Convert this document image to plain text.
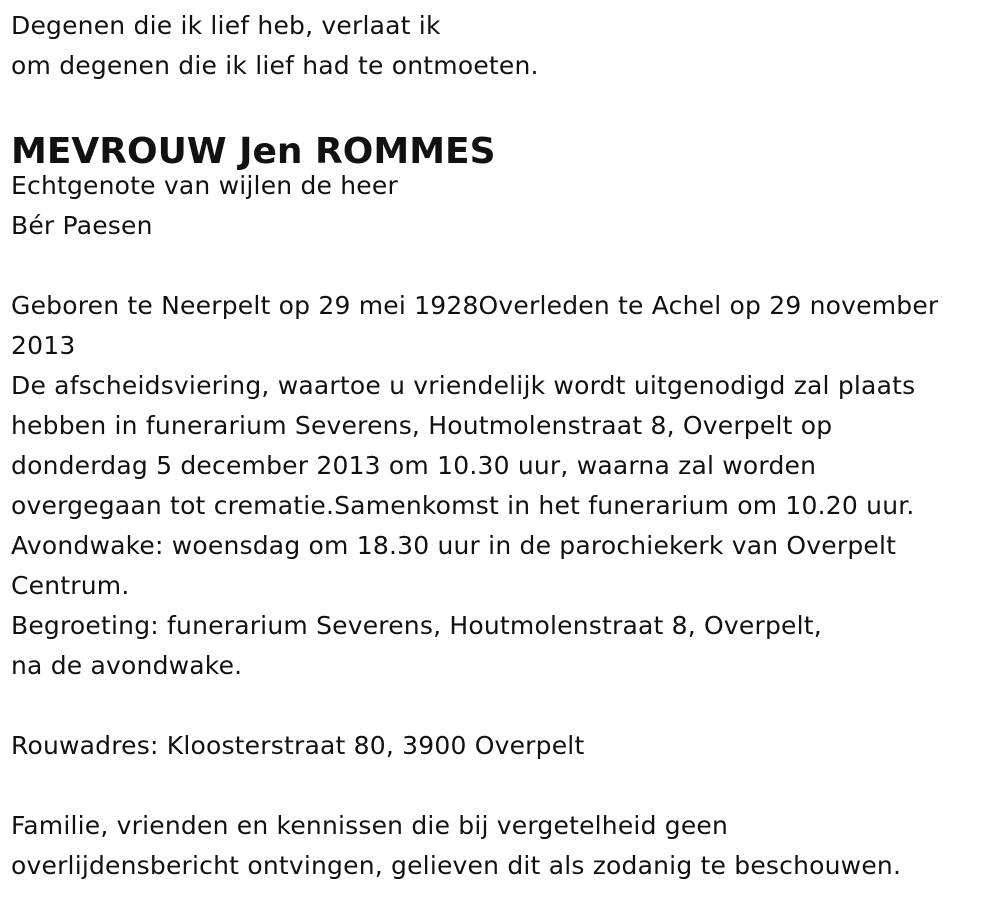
Degenen die ik lief heb, verlaat ik
om degenen die ik lief had te ontmoeten.
MEVROUW Jen ROMMES
Echtgenote van wijlen de heer
Bér Paesen
Geboren te Neerpelt op 29 mei 1928Overleden te Achel op 29 november
2013
De afscheidsviering, waartoe u vriendelijk wordt uitgenodigd zal plaats
hebben in funerarium Severens, Houtmolenstraat 8, Overpelt op
donderdag 5 december 2013 om 10.30 uur, waarna zal worden
overgegaan tot crematie.Samenkomst in het funerarium om 10.20 uur.
Avondwake: woensdag om 18.30 uur in de parochiekerk van Overpelt
Centrum.
Begroeting: funerarium Severens, Houtmolenstraat 8, Overpelt,
na de avondwake.
Rouwadres: Kloosterstraat 80, 3900 Overpelt
Familie, vrienden en kennissen die bij vergetelheid geen
overlijdensbericht ontvingen, gelieven dit als zodanig te beschouwen.
